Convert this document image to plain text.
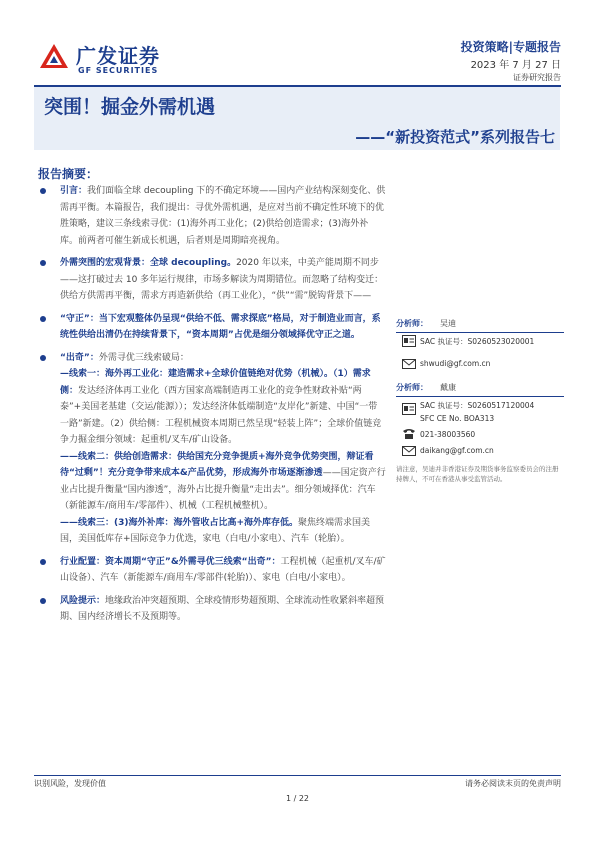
广发证券
GF SECURITIES
投资策略|专题报告
2023 年 7 月 27 日
证券研究报告
突围！掘金外需机遇
——“新投资范式”系列报告七
报告摘要：
引言：我们面临全球 decoupling 下的不确定环境——国内产业结构深刻变化、供需再平衡。本篇报告，我们提出：寻优外需机遇，是应对当前不确定性环境下的优胜策略，建议三条线索寻优：(1)海外再工业化；(2)供给创造需求；(3)海外补库。前两者可催生新成长机遇，后者则是周期暗亮视角。
外需突围的宏观背景：全球 decoupling。2020 年以来，中美产能周期不同步——这打破过去 10 多年运行规律，市场多解读为周期错位。而忽略了结构变迁：供给方供需再平衡，需求方再造新供给（再工业化），“供”“需”脱钩背景下——
“守正”：当下宏观整体仍呈现“供给不低、需求探底”格局，对于制造业而言，系统性供给出清仍在持续背景下，“资本周期”占优是细分领域择优守正之道。
“出奇”：外需寻优三线索破局：
—线索一：海外再工业化：建造需求+全球价值链绝对优势（机械）。（1）需求侧：发达经济体再工业化（西方国家高端制造再工业化的竞争性财政补贴“两泰”+美国老基建（交运/能源））；发达经济体低端制造“友岸化”新建、中国“一带一路”新建。（2）供给侧：工程机械资本周期已然呈现“轻装上阵”；全球价值链竞争力掘金细分领域：起重机/叉车/矿山设备。
——线索二：供给创造需求：供给国充分竞争提质+海外竞争优势突围，辩证看待“过剩”！充分竞争带来成本&产品优势，形成海外市场逐渐渗透——国定资产行业占比提升衡量“国内渗透”，海外占比提升衡量“走出去”。细分领域择优：汽车（新能源车/商用车/零部件）、机械（工程机械整机）。
——线索三：(3)海外补库：海外管收占比高+海外库存低。聚焦终端需求国美国，美国低库存+国际竞争力优选，家电（白电/小家电）、汽车（轮胎）。
行业配置：资本周期“守正”&外需寻优三线索“出奇”：工程机械（起重机/叉车/矿山设备）、汽车（新能源车/商用车/零部件(轮胎)）、家电（白电/小家电）。
风险提示：地缘政治冲突超预期、全球疫情形势超预期、全球流动性收紧斜率超预期、国内经济增长不及预期等。
分析师： 吴迪
SAC 执证号：S0260523020001
shwudi@gf.com.cn
分析师： 戴康
SAC 执证号：S0260517120004
SFC CE No. BOA313
021-38003560
daikang@gf.com.cn
请注意，吴迪并非香港证券及期货事务监察委员会的注册持牌人，不可在香港从事受监管活动。
识别风险，发现价值	请务必阅读末页的免责声明
1 / 22
